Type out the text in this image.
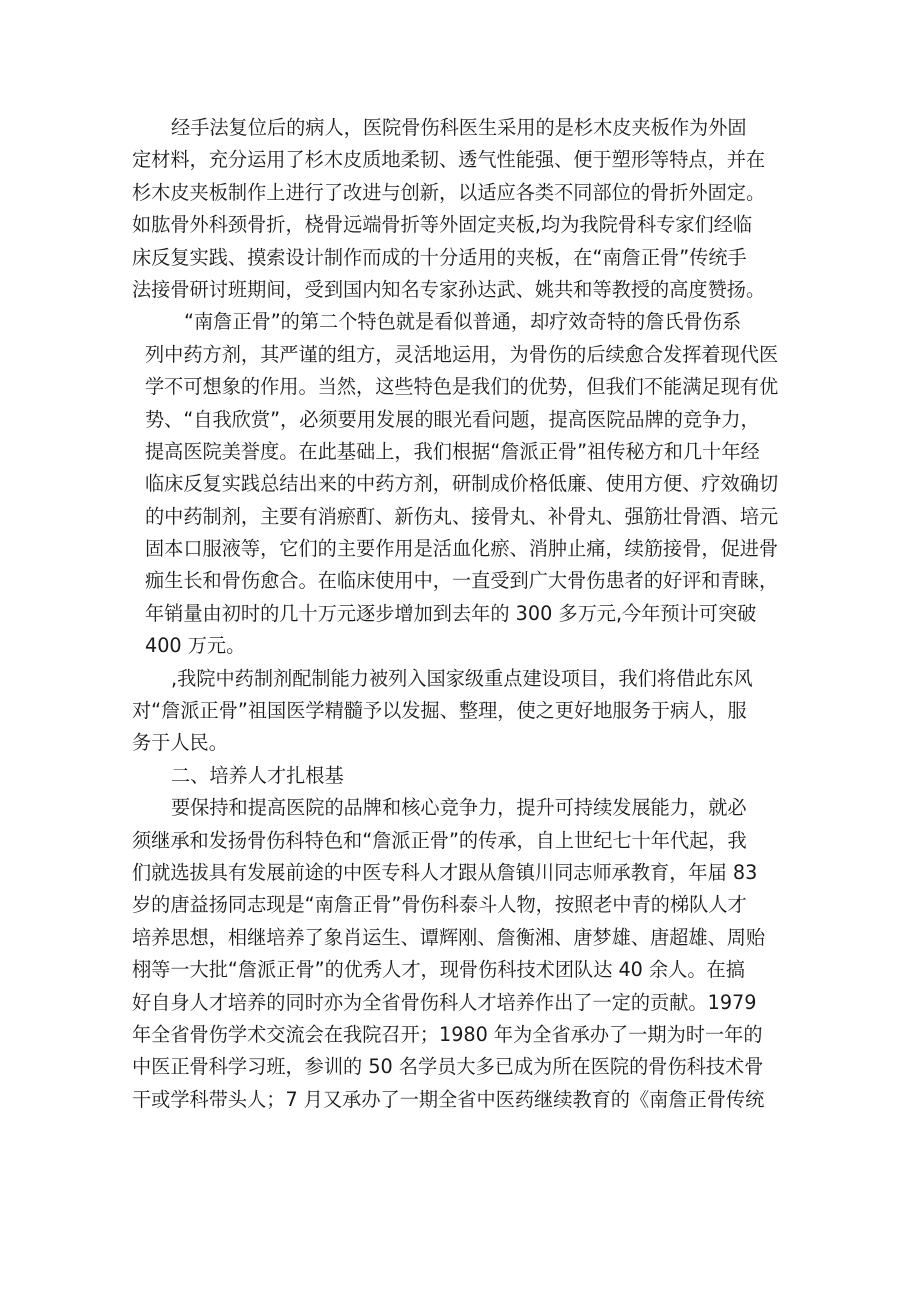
经手法复位后的病人，医院骨伤科医生采用的是杉木皮夹板作为外固
定材料，充分运用了杉木皮质地柔韧、透气性能强、便于塑形等特点，并在
杉木皮夹板制作上进行了改进与创新，以适应各类不同部位的骨折外固定。
如肱骨外科颈骨折，桡骨远端骨折等外固定夹板,均为我院骨科专家们经临
床反复实践、摸索设计制作而成的十分适用的夹板，在“南詹正骨”传统手
法接骨研讨班期间，受到国内知名专家孙达武、姚共和等教授的高度赞扬。
“南詹正骨”的第二个特色就是看似普通，却疗效奇特的詹氏骨伤系
列中药方剂，其严谨的组方，灵活地运用，为骨伤的后续愈合发挥着现代医
学不可想象的作用。当然，这些特色是我们的优势，但我们不能满足现有优
势、“自我欣赏”，必须要用发展的眼光看问题，提高医院品牌的竞争力，
提高医院美誉度。在此基础上，我们根据“詹派正骨”祖传秘方和几十年经
临床反复实践总结出来的中药方剂，研制成价格低廉、使用方便、疗效确切
的中药制剂，主要有消瘀酊、新伤丸、接骨丸、补骨丸、强筋壮骨酒、培元
固本口服液等，它们的主要作用是活血化瘀、消肿止痛，续筋接骨，促进骨
痂生长和骨伤愈合。在临床使用中，一直受到广大骨伤患者的好评和青睐，
年销量由初时的几十万元逐步增加到去年的 300 多万元,今年预计可突破
400 万元。
,我院中药制剂配制能力被列入国家级重点建设项目，我们将借此东风
对“詹派正骨”祖国医学精髓予以发掘、整理，使之更好地服务于病人，服
务于人民。
二、培养人才扎根基
要保持和提高医院的品牌和核心竞争力，提升可持续发展能力，就必
须继承和发扬骨伤科特色和“詹派正骨”的传承，自上世纪七十年代起，我
们就选拔具有发展前途的中医专科人才跟从詹镇川同志师承教育，年届 83
岁的唐益扬同志现是“南詹正骨”骨伤科泰斗人物，按照老中青的梯队人才
培养思想，相继培养了象肖运生、谭辉刚、詹衡湘、唐梦雄、唐超雄、周贻
栩等一大批“詹派正骨”的优秀人才，现骨伤科技术团队达 40 余人。在搞
好自身人才培养的同时亦为全省骨伤科人才培养作出了一定的贡献。1979
年全省骨伤学术交流会在我院召开；1980 年为全省承办了一期为时一年的
中医正骨科学习班，参训的 50 名学员大多已成为所在医院的骨伤科技术骨
干或学科带头人；7 月又承办了一期全省中医药继续教育的《南詹正骨传统
